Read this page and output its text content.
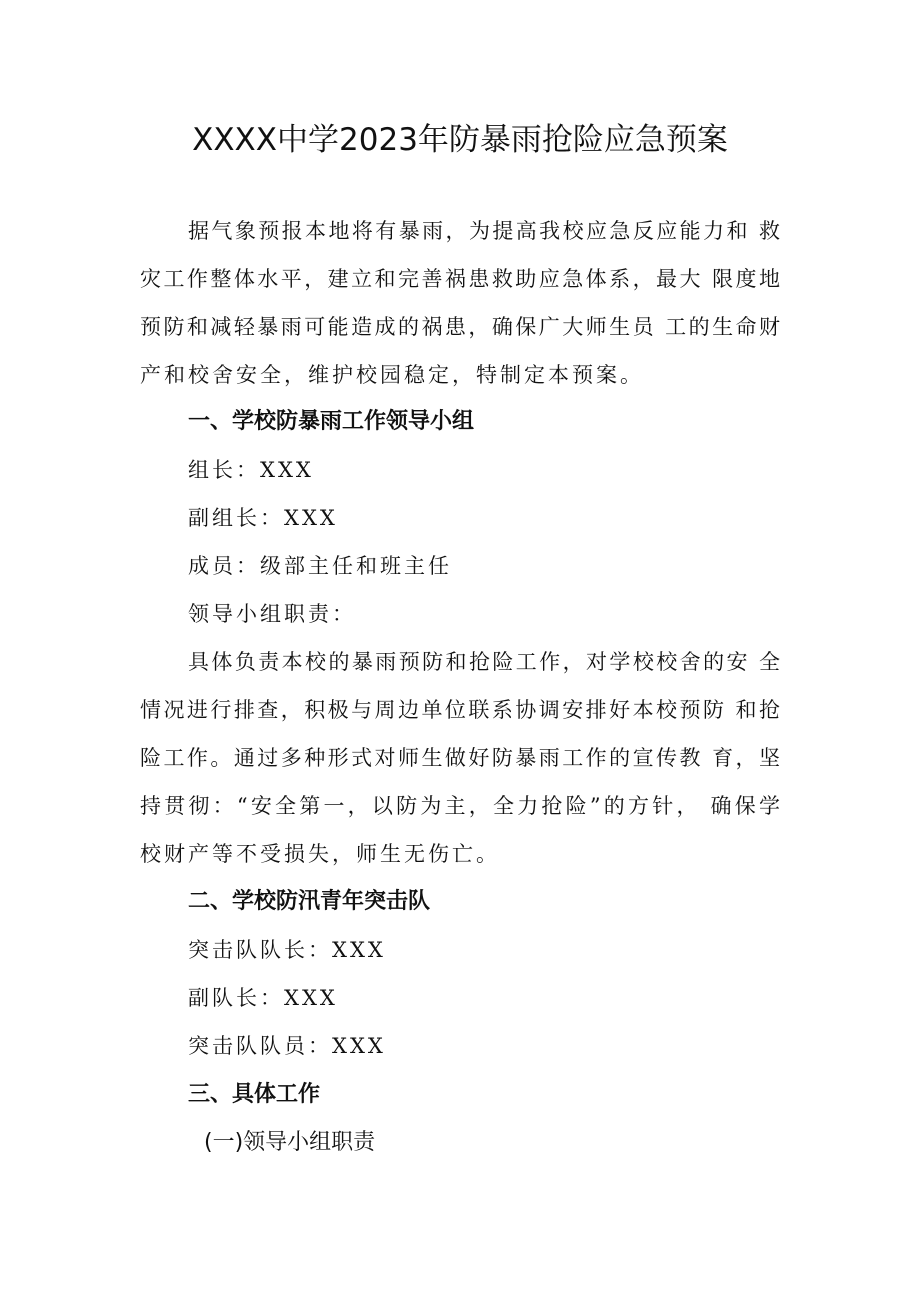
XXXX中学2023年防暴雨抢险应急预案
据气象预报本地将有暴雨，为提高我校应急反应能力和 救
灾工作整体水平，建立和完善祸患救助应急体系，最大 限度地
预防和减轻暴雨可能造成的祸患，确保广大师生员 工的生命财
产和校舍安全，维护校园稳定，特制定本预案。
一、学校防暴雨工作领导小组
组长：XXX
副组长：XXX
成员：级部主任和班主任
领导小组职责：
具体负责本校的暴雨预防和抢险工作，对学校校舍的安 全
情况进行排查，积极与周边单位联系协调安排好本校预防 和抢
险工作。通过多种形式对师生做好防暴雨工作的宣传教 育，坚
持贯彻：“安全第一，以防为主，全力抢险”的方针， 确保学
校财产等不受损失，师生无伤亡。
二、学校防汛青年突击队
突击队队长：XXX
副队长：XXX
突击队队员：XXX
三、具体工作
(一)领导小组职责
